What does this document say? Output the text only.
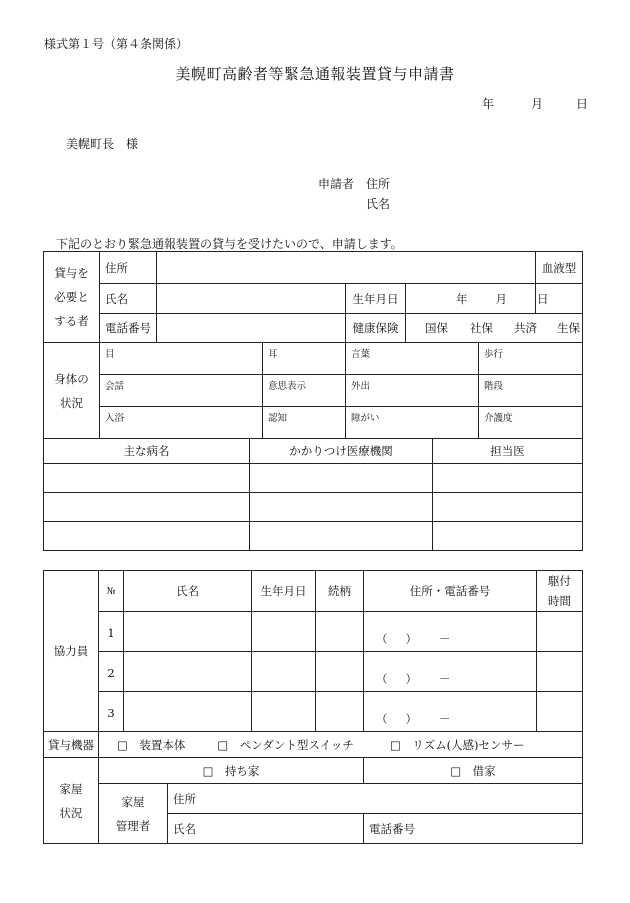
様式第１号（第４条関係）
美幌町高齢者等緊急通報装置貸与申請書
年	月	日
美幌町長　様
申請者 住所
氏名
下記のとおり緊急通報装置の貸与を受けたいので、申請します。
貸与を
必要と
する者	住所						血液型
	氏名			生年月日	年 月 日		
	電話番号			健康保険	国保 社保 共済 生保		

身体の
状況	目		耳	言葉		歩行	
	会話		意思表示	外出		階段	
	入浴		認知	障がい		介護度	
主な病名	かかりつけ医療機関	担当医

協力員	№	氏名		生年月日	続柄	住所・電話番号	駆付
時間

	1					（ ） －	
	2					（ ） －	
	3					（ ） －	
貸与機器	□　装置本体 □　ペンダント型スイッチ □　リズム(人感)センサー						

家屋
状況	□　持ち家					□　借家	

	家屋
管理者		住所				
			氏名			電話番号	
